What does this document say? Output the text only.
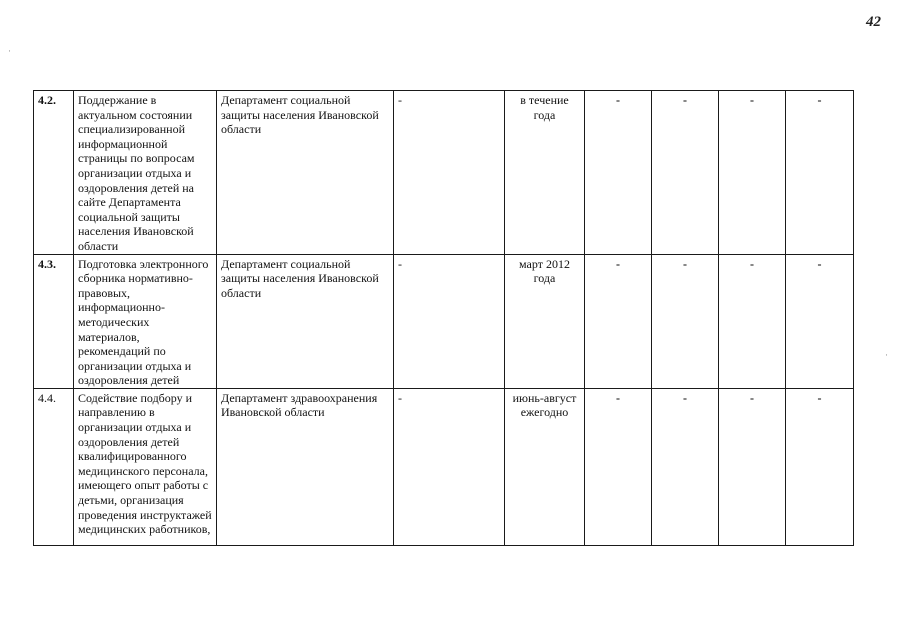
42
4.2.	Поддержание в актуальном состоянии специализированной информационной страницы по вопросам организации отдыха и оздоровления детей на сайте Департамента социальной защиты населения Ивановской области	Департамент социальной защиты населения Ивановской области	-	в течение года	-	-	-	-
4.3.	Подготовка электронного сборника нормативно-правовых, информационно-методических материалов, рекомендаций по организации отдыха и оздоровления детей	Департамент социальной защиты населения Ивановской области	-	март 2012 года	-	-	-	-
4.4.	Содействие подбору и направлению в организации отдыха и оздоровления детей квалифицированного медицинского персонала, имеющего опыт работы с детьми, организация проведения инструктажей медицинских работников,	Департамент здравоохранения Ивановской области	-	июнь-август ежегодно	-	-	-	-
·
·
